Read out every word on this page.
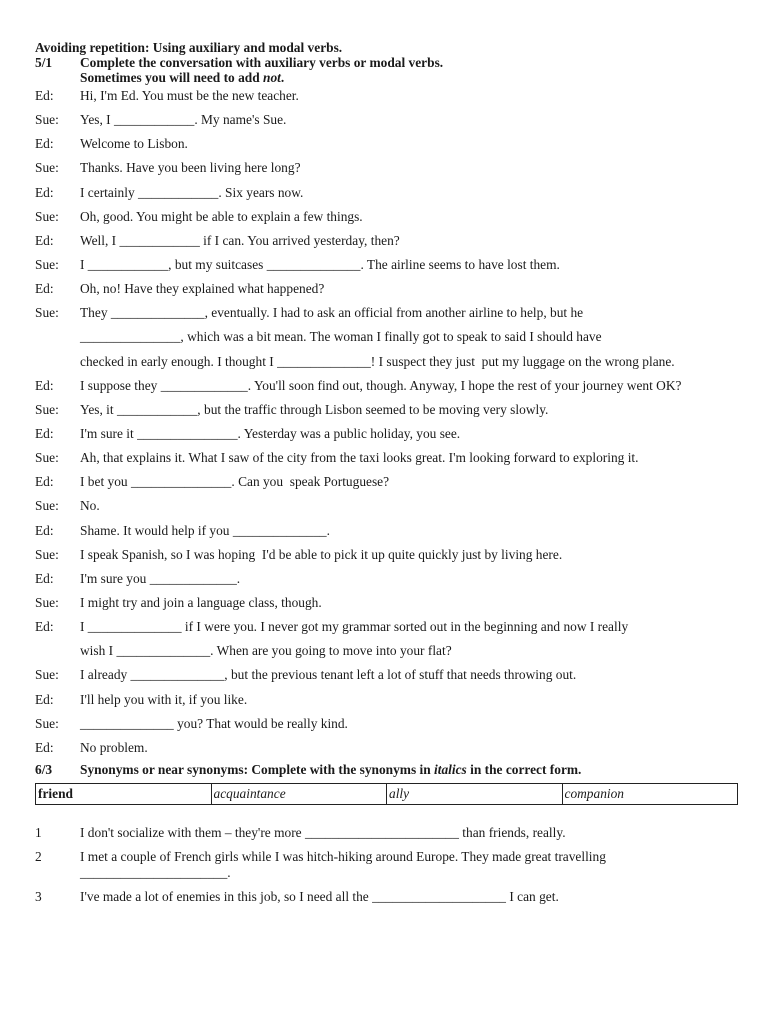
Avoiding repetition: Using auxiliary and modal verbs.
5/1	Complete the conversation with auxiliary verbs or modal verbs.
Sometimes you will need to add not.
Ed:	Hi, I'm Ed. You must be the new teacher.
Sue:	Yes, I ____________. My name's Sue.
Ed:	Welcome to Lisbon.
Sue:	Thanks. Have you been living here long?
Ed:	I certainly ____________. Six years now.
Sue:	Oh, good. You might be able to explain a few things.
Ed:	Well, I ____________ if I can. You arrived yesterday, then?
Sue:	I ____________, but my suitcases ______________. The airline seems to have lost them.
Ed:	Oh, no! Have they explained what happened?
Sue:	They ______________, eventually. I had to ask an official from another airline to help, but he
_______________, which was a bit mean. The woman I finally got to speak to said I should have
checked in early enough. I thought I ______________! I suspect they just  put my luggage on the wrong plane.
Ed:	I suppose they _____________. You'll soon find out, though. Anyway, I hope the rest of your journey went OK?
Sue:	Yes, it ____________, but the traffic through Lisbon seemed to be moving very slowly.
Ed:	I'm sure it _______________. Yesterday was a public holiday, you see.
Sue:	Ah, that explains it. What I saw of the city from the taxi looks great. I'm looking forward to exploring it.
Ed:	I bet you _______________. Can you  speak Portuguese?
Sue:	No.
Ed:	Shame. It would help if you ______________.
Sue:	I speak Spanish, so I was hoping  I'd be able to pick it up quite quickly just by living here.
Ed:	I'm sure you _____________.
Sue:	I might try and join a language class, though.
Ed:	I ______________ if I were you. I never got my grammar sorted out in the beginning and now I really
wish I ______________. When are you going to move into your flat?
Sue:	I already ______________, but the previous tenant left a lot of stuff that needs throwing out.
Ed:	I'll help you with it, if you like.
Sue:	______________ you? That would be really kind.
Ed:	No problem.
6/3	Synonyms or near synonyms: Complete with the synonyms in italics in the correct form.
friend	acquaintance	ally	companion
1	I don't socialize with them – they're more _______________________ than friends, really.
2	I met a couple of French girls while I was hitch-hiking around Europe. They made great travelling ______________________.
3	I've made a lot of enemies in this job, so I need all the ____________________ I can get.
